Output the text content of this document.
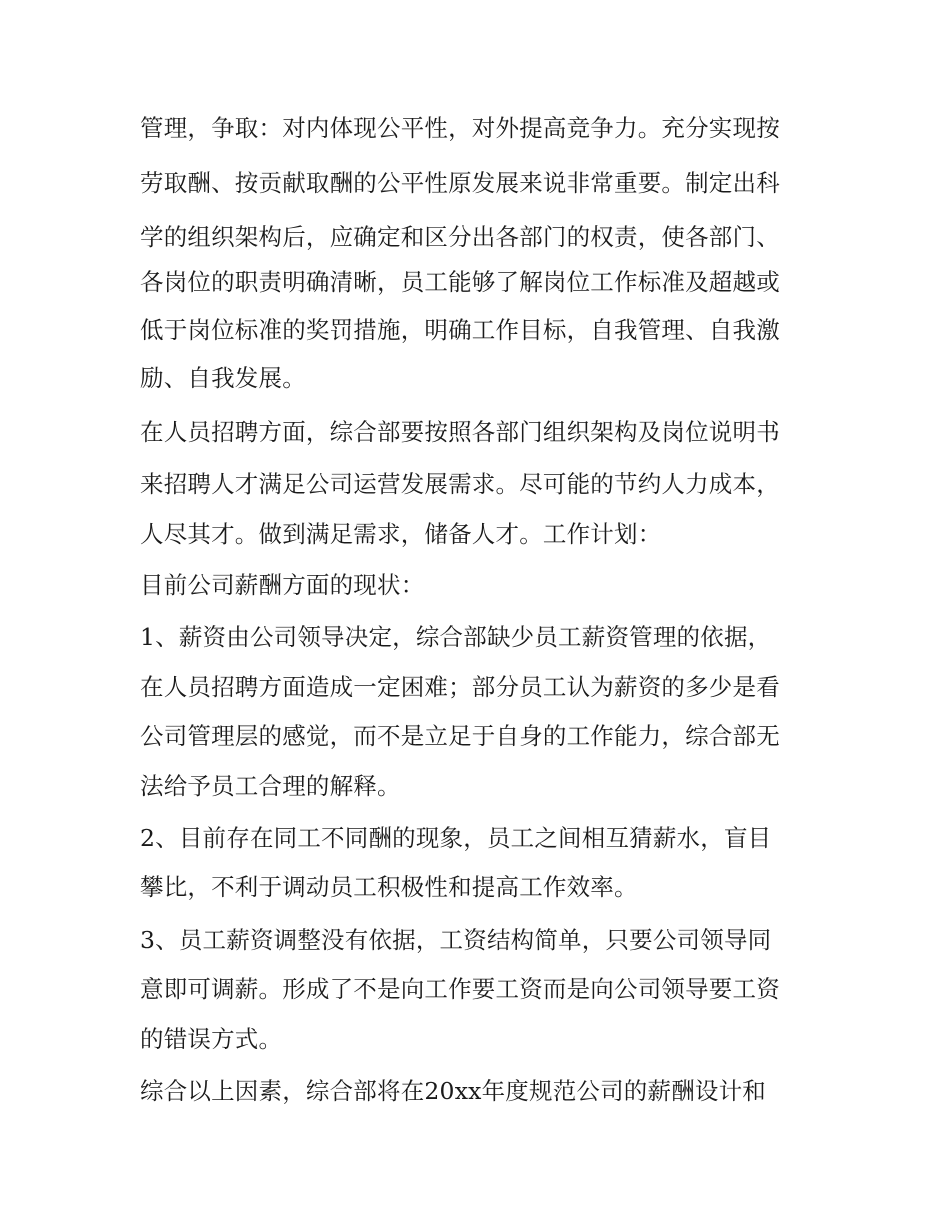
管理，争取：对内体现公平性，对外提高竞争力。充分实现按
劳取酬、按贡献取酬的公平性原发展来说非常重要。制定出科
学的组织架构后，应确定和区分出各部门的权责，使各部门、
各岗位的职责明确清晰，员工能够了解岗位工作标准及超越或
低于岗位标准的奖罚措施，明确工作目标，自我管理、自我激
励、自我发展。
在人员招聘方面，综合部要按照各部门组织架构及岗位说明书
来招聘人才满足公司运营发展需求。尽可能的节约人力成本，
人尽其才。做到满足需求，储备人才。工作计划：
目前公司薪酬方面的现状：
1、薪资由公司领导决定，综合部缺少员工薪资管理的依据，
在人员招聘方面造成一定困难；部分员工认为薪资的多少是看
公司管理层的感觉，而不是立足于自身的工作能力，综合部无
法给予员工合理的解释。
2、目前存在同工不同酬的现象，员工之间相互猜薪水，盲目
攀比，不利于调动员工积极性和提高工作效率。
3、员工薪资调整没有依据，工资结构简单，只要公司领导同
意即可调薪。形成了不是向工作要工资而是向公司领导要工资
的错误方式。
综合以上因素，综合部将在20xx年度规范公司的薪酬设计和
